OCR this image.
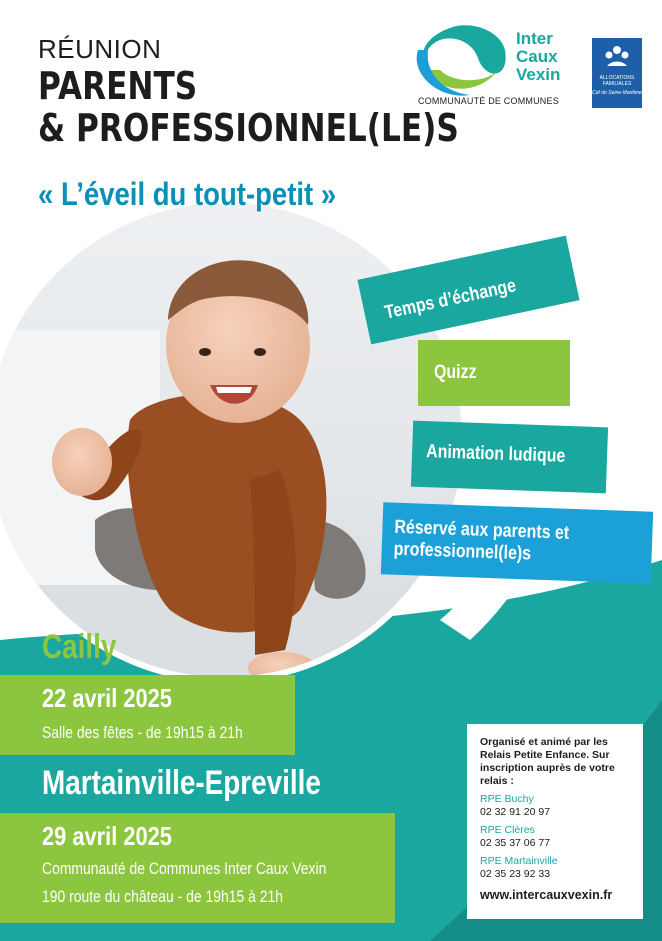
RÉUNION
PARENTS
& PROFESSIONNEL(LE)S
« L’éveil du tout-petit »
Inter
Caux
Vexin
COMMUNAUTÉ DE COMMUNES
ALLOCATIONS FAMILIALES
Caf de Seine-Maritime
Temps d’échange
Quizz
Animation ludique
Réservé aux parents et
professionnel(le)s
Cailly
22 avril 2025
Salle des fêtes - de 19h15 à 21h
Martainville-Epreville
29 avril 2025
Communauté de Communes Inter Caux Vexin
190 route du château - de 19h15 à 21h
Organisé et animé par les Relais Petite Enfance. Sur inscription auprès de votre relais :
RPE Buchy
02 32 91 20 97
RPE Clères
02 35 37 06 77
RPE Martainville
02 35 23 92 33
www.intercauxvexin.fr
